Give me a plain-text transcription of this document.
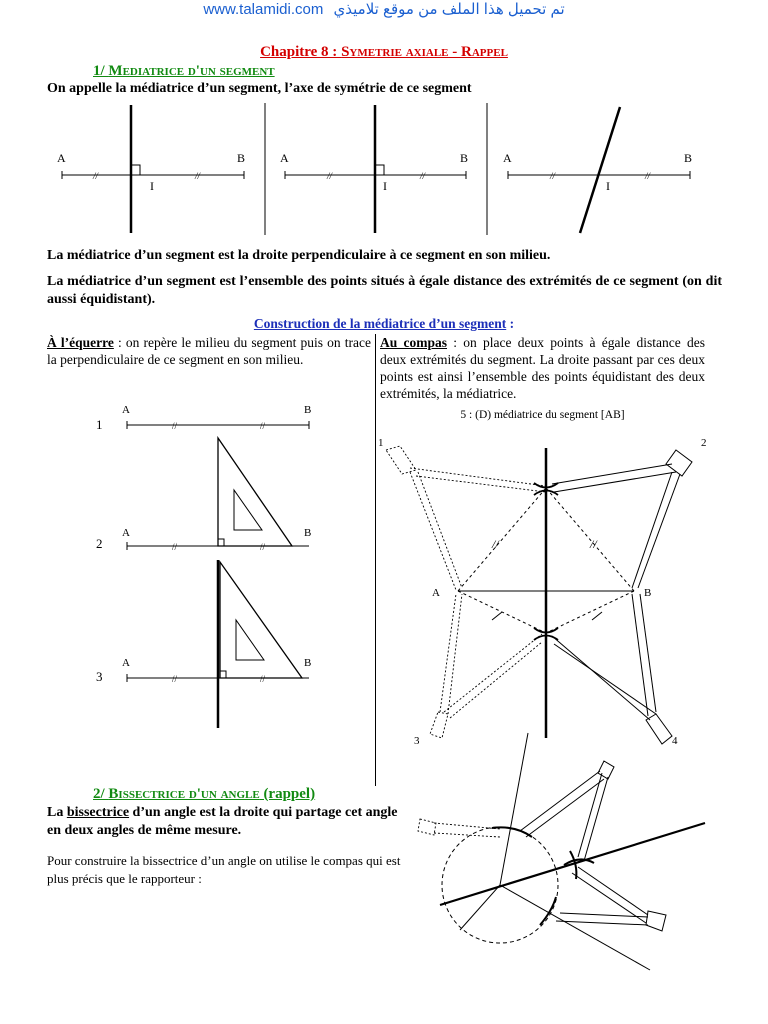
www.talamidi.com تم تحميل هذا الملف من موقع تلاميذي
Chapitre 8 : Symetrie axiale - Rappel
1/ Mediatrice d'un segment
On appelle la médiatrice d’un segment, l’axe de symétrie de ce segment
//	//
A	B
I
//	//
A	B
I
//	//
A	B
I
La médiatrice d’un segment est la droite perpendiculaire à ce segment en son milieu.
La médiatrice d’un segment est l’ensemble des points situés à égale distance des extrémités de ce segment (on dit aussi équidistant).
Construction de la médiatrice d’un segment :
À l’équerre : on repère le milieu du segment puis on trace la perpendiculaire de ce segment en son milieu.
Au compas : on place deux points à égale distance des deux extrémités du segment. La droite passant par ces deux points est ainsi l’ensemble des points équidistant des deux extrémités, la médiatrice.
1	//	//
A	B
2	//	//
A	B
3	//	//
A	B
5 : (D) médiatrice du segment [AB]
A	B
//	//
1	2
3	4
2/ Bissectrice d'un angle (rappel)
La bissectrice d’un angle est la droite qui partage cet angle en deux angles de même mesure.
Pour construire la bissectrice d’un angle on utilise le compas qui est plus précis que le rapporteur :
